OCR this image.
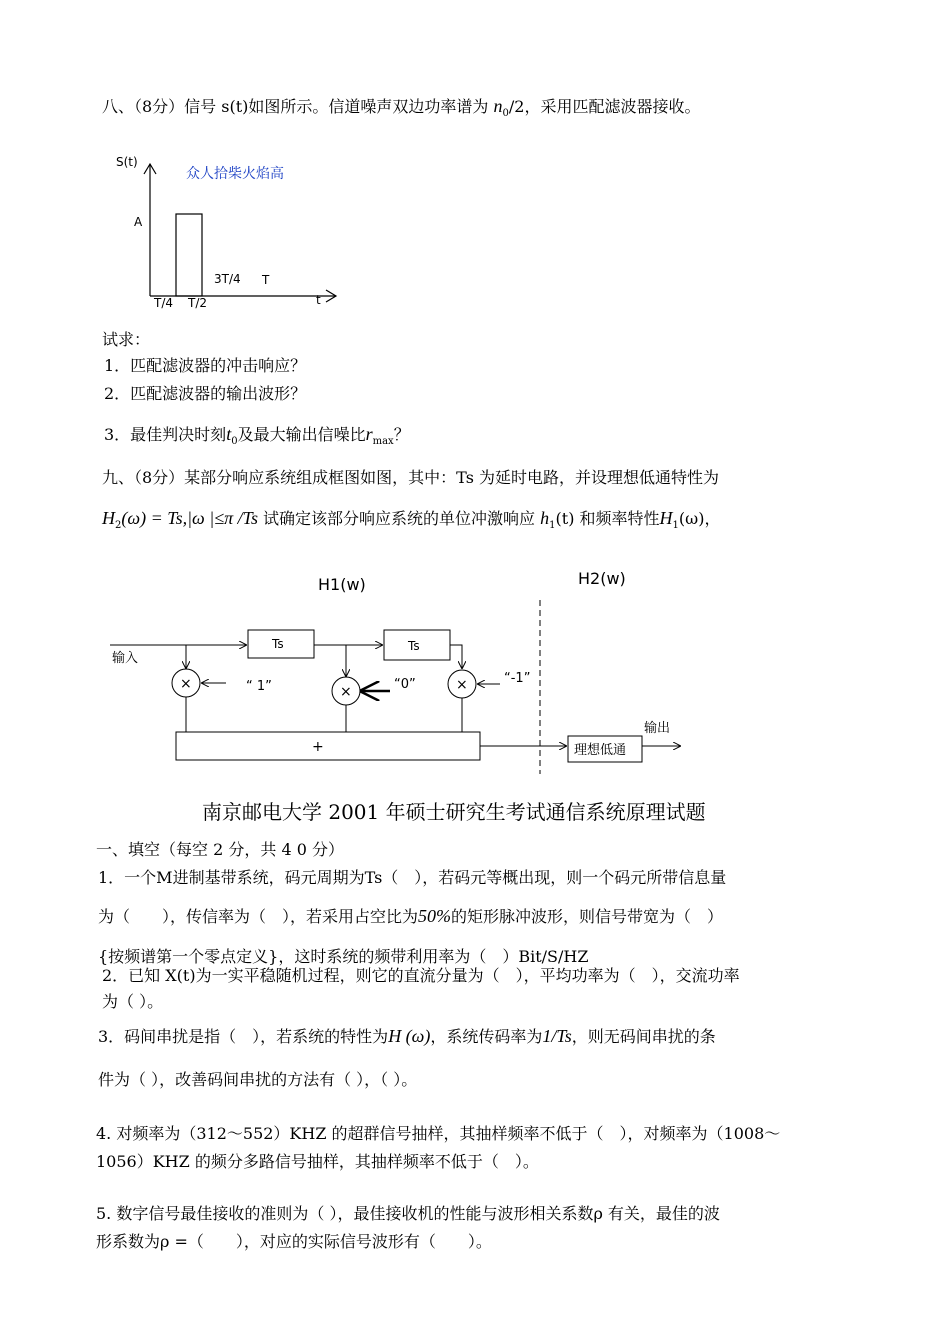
八、（8分）信号 s(t)如图所示。信道噪声双边功率谱为 $n_0/2$，采用匹配滤波器接收。
S(t)
众人拾柴火焰高
A
T/4 T/2
3T/4 T
t
试求：
1．匹配滤波器的冲击响应？
2．匹配滤波器的输出波形？
3．最佳判决时刻$t_0$及最大输出信噪比$r_{max}$？
九、（8分）某部分响应系统组成框图如图，其中：Ts 为延时电路，并设理想低通特性为
$H_2(\omega) = Ts,|\omega$ |≤π /Ts 试确定该部分响应系统的单位冲激响应 $h_1(t)$ 和频率特性$H_1(\omega)$，
H1(w)	H2(w)
输入
Ts	Ts
×	×	×
“ 1”	“0”	“-1”
+	理想低通
输出
南京邮电大学 2001 年硕士研究生考试通信系统原理试题
一、填空（每空 2 分，共 4 0 分）
1．一个M进制基带系统，码元周期为Ts（　），若码元等概出现，则一个码元所带信息量
为（　　），传信率为（　），若采用占空比为50%的矩形脉冲波形，则信号带宽为（　）
{按频谱第一个零点定义}，这时系统的频带利用率为（　）Bit/S/HZ
2．已知 X(t)为一实平稳随机过程，则它的直流分量为（　），平均功率为（　），交流功率
为（ ）。
3．码间串扰是指（　），若系统的特性为H (ω)，系统传码率为1/Ts，则无码间串扰的条
件为（ ），改善码间串扰的方法有（ ），（ ）。
4. 对频率为（312～552）KHZ 的超群信号抽样，其抽样频率不低于（　），对频率为（1008～
1056）KHZ 的频分多路信号抽样，其抽样频率不低于（　）。
5. 数字信号最佳接收的准则为（ ），最佳接收机的性能与波形相关系数ρ 有关，最佳的波
形系数为ρ =（　　），对应的实际信号波形有（　　）。
